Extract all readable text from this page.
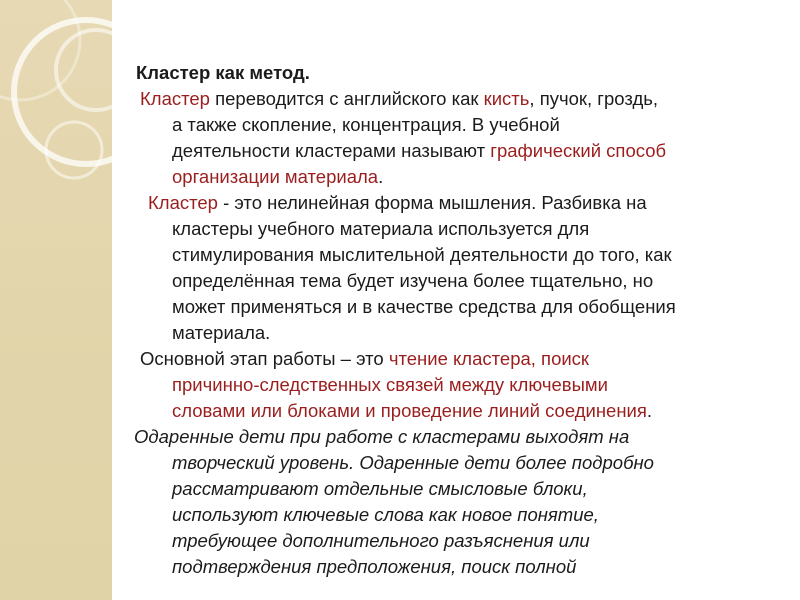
Кластер как метод.
Кластер переводится с английского как кисть, пучок, гроздь,
а также скопление, концентрация. В учебной
деятельности кластерами называют графический способ
организации материала.
Кластер - это нелинейная форма мышления. Разбивка на
кластеры учебного материала используется для
стимулирования мыслительной деятельности до того, как
определённая тема будет изучена более тщательно, но
может применяться и в качестве средства для обобщения
материала.
Основной этап работы – это чтение кластера, поиск
причинно-следственных связей между ключевыми
словами или блоками и проведение линий соединения.
Одаренные дети при работе с кластерами выходят на
творческий уровень. Одаренные дети более подробно
рассматривают отдельные смысловые блоки,
используют ключевые слова как новое понятие,
требующее дополнительного разъяснения или
подтверждения предположения, поиск полной
